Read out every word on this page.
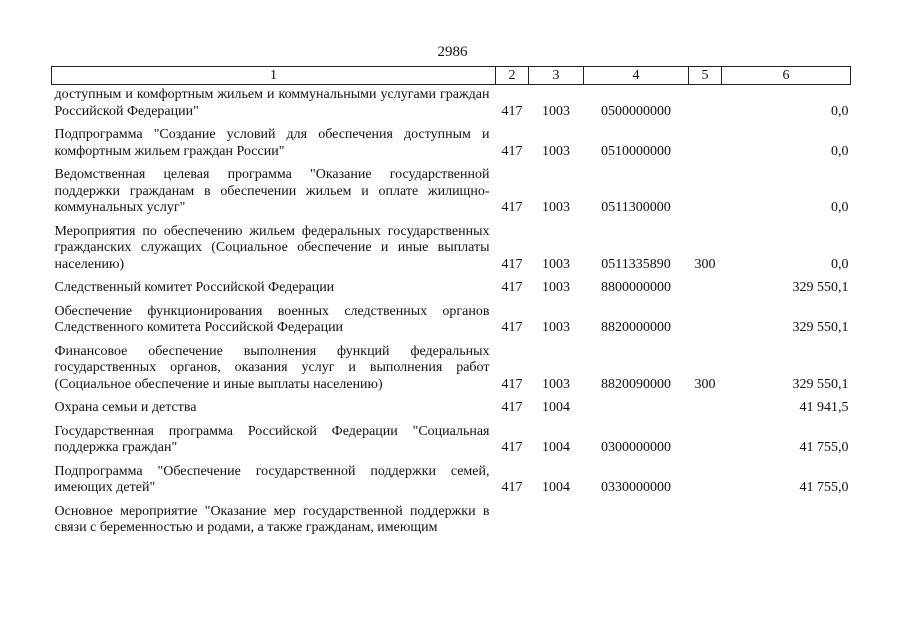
2986
1	2	3	4	5	6
доступным и комфортным жильем и коммунальными услугами граждан Российской Федерации"	417	1003	0500000000		0,0
Подпрограмма "Создание условий для обеспечения доступным и комфортным жильем граждан России"	417	1003	0510000000		0,0
Ведомственная целевая программа "Оказание государственной поддержки гражданам в обеспечении жильем и оплате жилищно-коммунальных услуг"	417	1003	0511300000		0,0
Мероприятия по обеспечению жильем федеральных государственных гражданских служащих (Социальное обеспечение и иные выплаты населению)	417	1003	0511335890	300	0,0
Следственный комитет Российской Федерации	417	1003	8800000000		329 550,1
Обеспечение функционирования военных следственных органов Следственного комитета Российской Федерации	417	1003	8820000000		329 550,1
Финансовое обеспечение выполнения функций федеральных государственных органов, оказания услуг и выполнения работ (Социальное обеспечение и иные выплаты населению)	417	1003	8820090000	300	329 550,1
Охрана семьи и детства	417	1004			41 941,5
Государственная программа Российской Федерации "Социальная поддержка граждан"	417	1004	0300000000		41 755,0
Подпрограмма "Обеспечение государственной поддержки семей, имеющих детей"	417	1004	0330000000		41 755,0
Основное мероприятие "Оказание мер государственной поддержки в связи с беременностью и родами, а также гражданам, имеющим					
